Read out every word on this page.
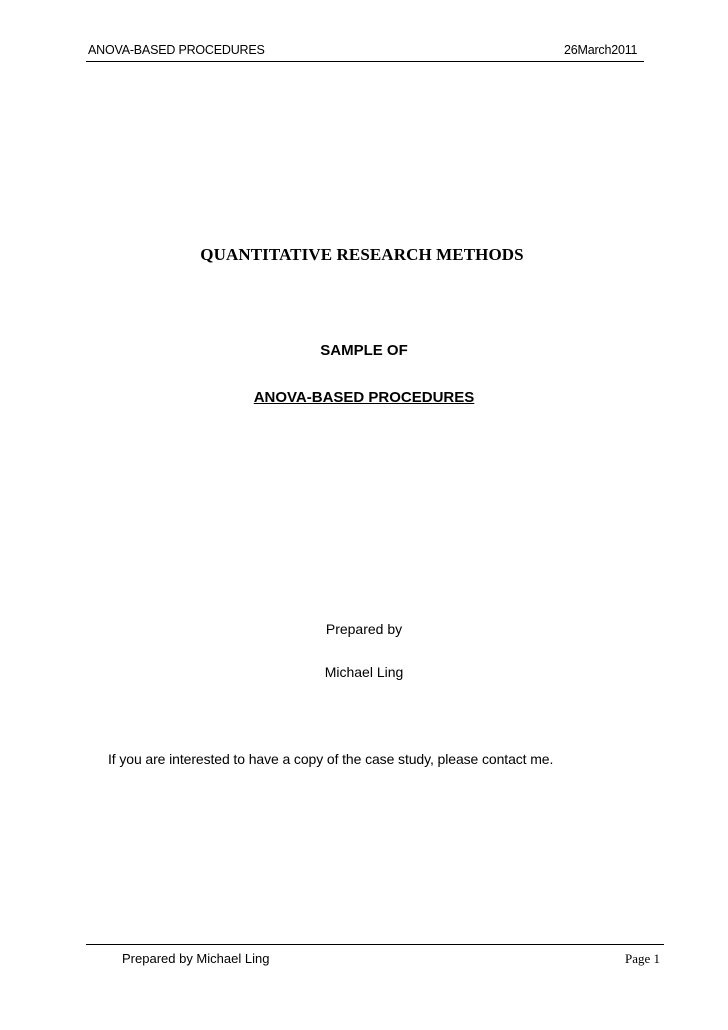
ANOVA-BASED PROCEDURES	26March2011
QUANTITATIVE RESEARCH METHODS
SAMPLE OF
ANOVA-BASED PROCEDURES
Prepared by
Michael Ling
If you are interested to have a copy of the case study, please contact me.
Prepared by Michael Ling	Page 1
